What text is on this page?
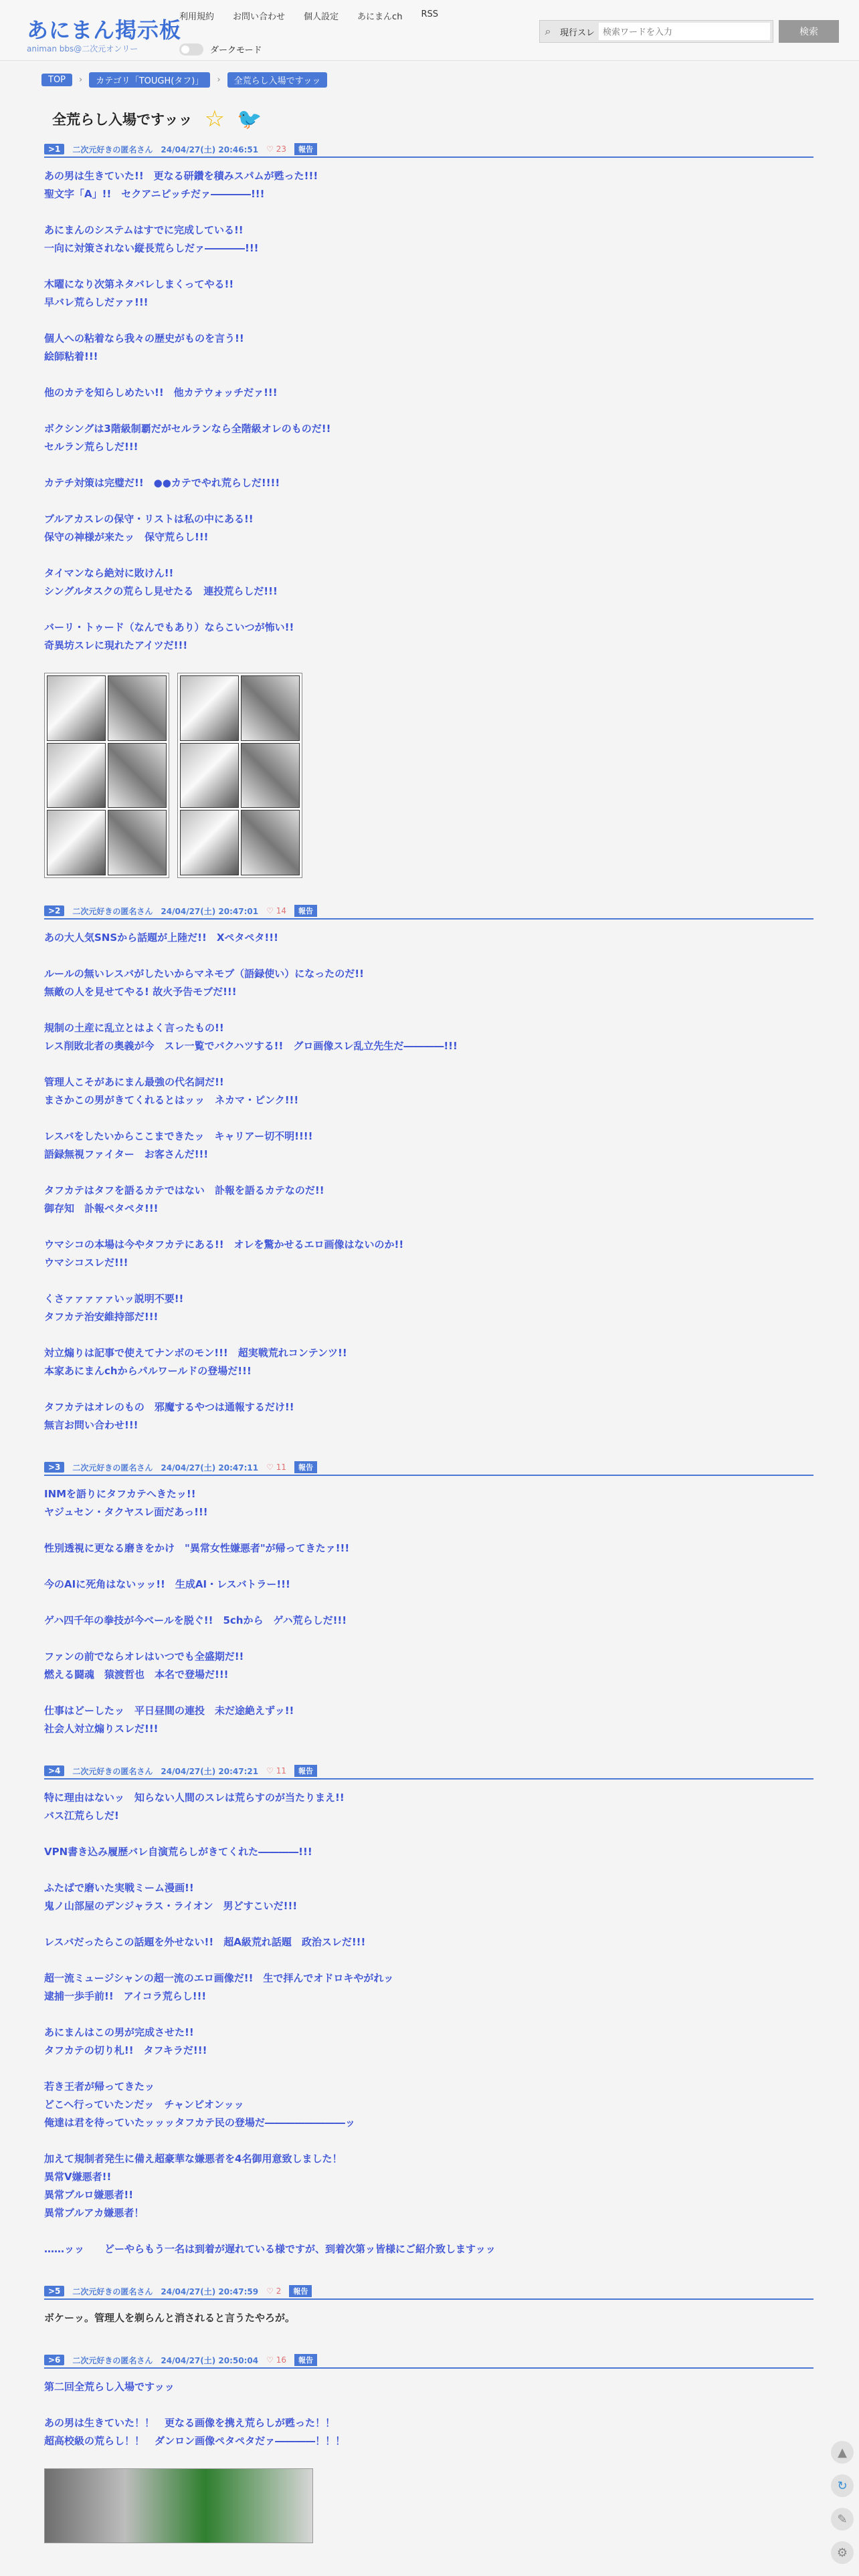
あにまん掲示板
animan bbs@二次元オンリー
利用規約 お問い合わせ 個人設定 あにまんch RSS
ダークモード
⌕	現行スレ
検索ワードを入力	検索
TOP	›	カテゴリ「TOUGH(タフ)」	›	全荒らし入場ですッッ
全荒らし入場ですッッ ☆ 🐦
>1	二次元好きの匿名さん 24/04/27(土) 20:46:51 ♡ 23	報告
あの男は生きていた!!　更なる研鑽を積みスパムが甦った!!!
聖文字「A」!!　セクアニピッチだァ――――!!!
あにまんのシステムはすでに完成している!!
一向に対策されない縦長荒らしだァ――――!!!
木曜になり次第ネタバレしまくってやる!!
早バレ荒らしだァァ!!!
個人への粘着なら我々の歴史がものを言う!!
絵師粘着!!!
他のカテを知らしめたい!!　他カテウォッチだァ!!!
ボクシングは3階級制覇だがセルランなら全階級オレのものだ!!
セルラン荒らしだ!!!
カテチ対策は完璧だ!!　●●カテでやれ荒らしだ!!!!
ブルアカスレの保守・リストは私の中にある!!
保守の神様が来たッ　保守荒らし!!!
タイマンなら絶対に敗けん!!
シングルタスクの荒らし見せたる　連投荒らしだ!!!
バーリ・トゥード（なんでもあり）ならこいつが怖い!!
奇異坊スレに現れたアイツだ!!!
>2	二次元好きの匿名さん 24/04/27(土) 20:47:01 ♡ 14	報告
あの大人気SNSから話題が上陸だ!!　Xペタペタ!!!
ルールの無いレスバがしたいからマネモブ（語録使い）になったのだ!!
無敵の人を見せてやる! 故火予告モブだ!!!
規制の土産に乱立とはよく言ったもの!!
レス削敗北者の奥義が今　スレ一覧でバクハツする!!　グロ画像スレ乱立先生だ――――!!!
管理人こそがあにまん最強の代名詞だ!!
まさかこの男がきてくれるとはッッ　ネカマ・ピンク!!!
レスバをしたいからここまできたッ　キャリアー切不明!!!!
語録無視ファイター　お客さんだ!!!
タフカテはタフを語るカテではない　訃報を語るカテなのだ!!
御存知　訃報ペタペタ!!!
ウマシコの本場は今やタフカテにある!!　オレを驚かせるエロ画像はないのか!!
ウマシコスレだ!!!
くさァァァァァいッ説明不要!!
タフカテ治安維持部だ!!!
対立煽りは記事で使えてナンボのモン!!!　超実戦荒れコンテンツ!!
本家あにまんchからパルワールドの登場だ!!!
タフカテはオレのもの　邪魔するやつは通報するだけ!!
無言お問い合わせ!!!
>3	二次元好きの匿名さん 24/04/27(土) 20:47:11 ♡ 11	報告
INMを語りにタフカテへきたッ!!
ヤジュセン・タクヤスレ面だあっ!!!
性別透視に更なる磨きをかけ　"異常女性嫌悪者"が帰ってきたァ!!!
今のAIに死角はないッッ!!　生成AI・レスバトラー!!!
ゲハ四千年の拳技が今ベールを脱ぐ!!　5chから　ゲハ荒らしだ!!!
ファンの前でならオレはいつでも全盛期だ!!
燃える闘魂　猿渡哲也　本名で登場だ!!!
仕事はどーしたッ　平日昼間の連投　未だ途絶えずッ!!
社会人対立煽りスレだ!!!
>4	二次元好きの匿名さん 24/04/27(土) 20:47:21 ♡ 11	報告
特に理由はないッ　知らない人間のスレは荒らすのが当たりまえ!!
バス江荒らしだ!
VPN書き込み履歴バレ自演荒らしがきてくれた――――!!!
ふたばで磨いた実戦ミーム漫画!!
鬼ノ山部屋のデンジャラス・ライオン　男どすこいだ!!!
レスバだったらこの話題を外せない!!　超A級荒れ話題　政治スレだ!!!
超一流ミュージシャンの超一流のエロ画像だ!!　生で拝んでオドロキやがれッ
逮捕一歩手前!!　アイコラ荒らし!!!
あにまんはこの男が完成させた!!
タフカテの切り札!!　タフキラだ!!!
若き王者が帰ってきたッ
どこへ行っていたンだッ　チャンピオンッッ
俺達は君を待っていたッッッタフカテ民の登場だ――――――――ッ
加えて規制者発生に備え超豪華な嫌悪者を4名御用意致しました！
異常V嫌悪者!!
異常ブルロ嫌悪者!!
異常ブルアカ嫌悪者！
……ッッ　　どーやらもう一名は到着が遅れている様ですが、到着次第ッ皆様にご紹介致しますッッ
>5	二次元好きの匿名さん 24/04/27(土) 20:47:59 ♡ 2	報告
ボケーッ。管理人を剃らんと消されると言うたやろが。
>6	二次元好きの匿名さん 24/04/27(土) 20:50:04 ♡ 16	報告
第二回全荒らし入場ですッッ
あの男は生きていた！！　更なる画像を携え荒らしが甦った！！
超高校級の荒らし！！　ダンロン画像ペタペタだァ――――！！！
▲
↻
✎
⚙
